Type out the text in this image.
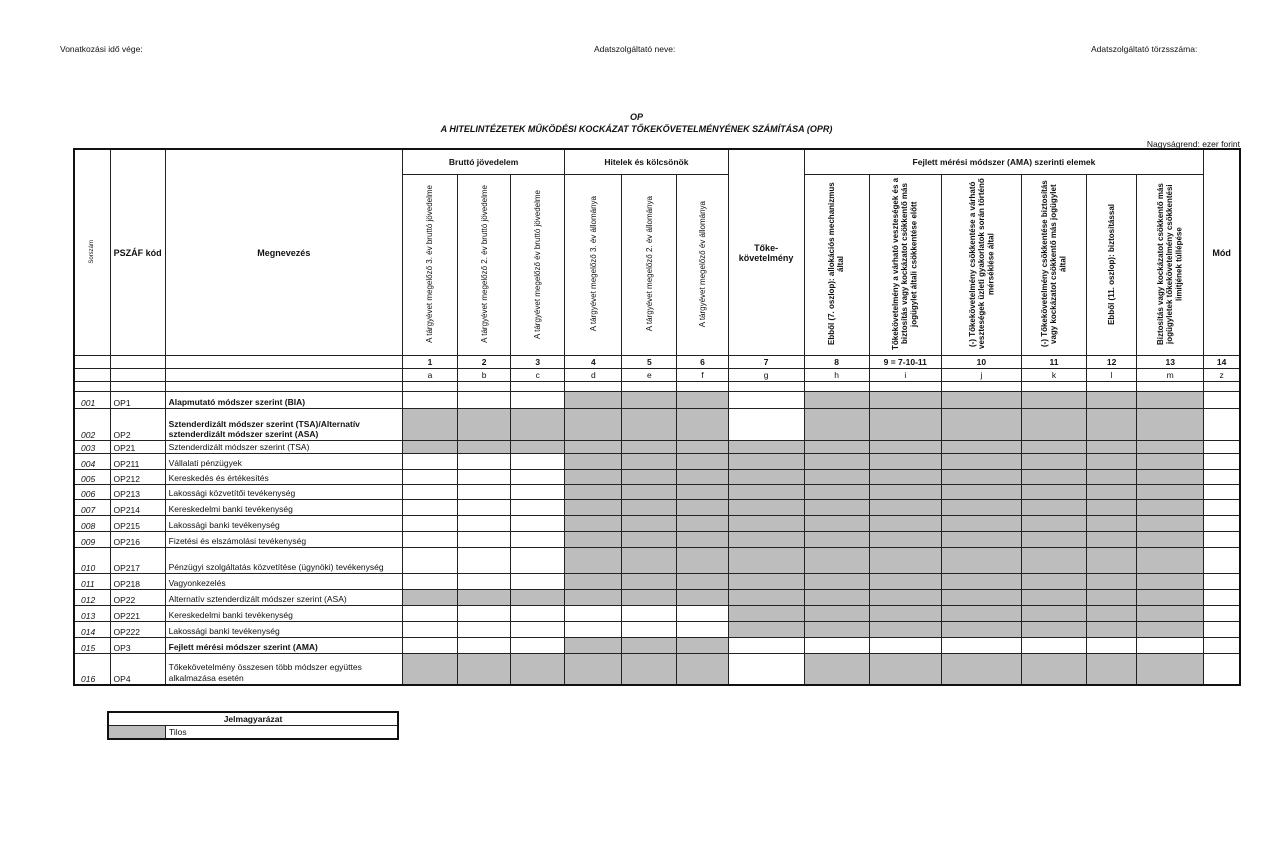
Vonatkozási idő vége:	Adatszolgáltató neve:	Adatszolgáltató törzsszáma:
OP
A HITELINTÉZETEK MŰKÖDÉSI KOCKÁZAT TŐKEKÖVETELMÉNYÉNEK SZÁMÍTÁSA (OPR)
Nagyságrend: ezer forint
Sorszám	PSZÁF kód	Megnevezés	Bruttó jövedelem			Hitelek és kölcsönök			Tőke-követelmény	Fejlett mérési módszer (AMA) szerinti elemek						Mód
			A tárgyévet megelőző 3. év bruttó jövedelme	A tárgyévet megelőző 2. év bruttó jövedelme	A tárgyévet megelőző év bruttó jövedelme	A tárgyévet megelőző 3. év állománya	A tárgyévet megelőző 2. év állománya	A tárgyévet megelőző év állománya		Ebből (7. oszlop): allokációs mechanizmus által	Tőkekövetelmény a várható veszteségek és a biztosítás vagy kockázatot csökkentő más jogügylet általi csökkentése előtt	(-) Tőkekövetelmény csökkentése a várható veszteségek üzleti gyakorlatok során történő mérséklése által	(-) Tőkekövetelmény csökkentése biztosítás vagy kockázatot csökkentő más jogügylet által	Ebből (11. oszlop): biztosítással	Biztosítás vagy kockázatot csökkentő más jogügyletek tőkekövetelmény csökkentési limitjének túllépése	
			1	2	3	4	5	6	7	8	9 = 7-10-11	10	11	12	13	14
			a	b	c	d	e	f	g	h	i	j	k	l	m	z

001	OP1	Alapmutató módszer szerint (BIA)														
002	OP2	Sztenderdizált módszer szerint (TSA)/Alternatív sztenderdizált módszer szerint (ASA)														
003	OP21	Sztenderdizált módszer szerint (TSA)														
004	OP211	Vállalati pénzügyek														
005	OP212	Kereskedés és értékesítés														
006	OP213	Lakossági közvetítői tevékenység														
007	OP214	Kereskedelmi banki tevékenység														
008	OP215	Lakossági banki tevékenység														
009	OP216	Fizetési és elszámolási tevékenység														
010	OP217	Pénzügyi szolgáltatás közvetítése (ügynöki) tevékenység														
011	OP218	Vagyonkezelés														
012	OP22	Alternatív sztenderdizált módszer szerint (ASA)														
013	OP221	Kereskedelmi banki tevékenység														
014	OP222	Lakossági banki tevékenység														
015	OP3	Fejlett mérési módszer szerint (AMA)														
016	OP4	Tőkekövetelmény összesen több módszer együttes alkalmazása esetén														
Jelmagyarázat
	Tilos
